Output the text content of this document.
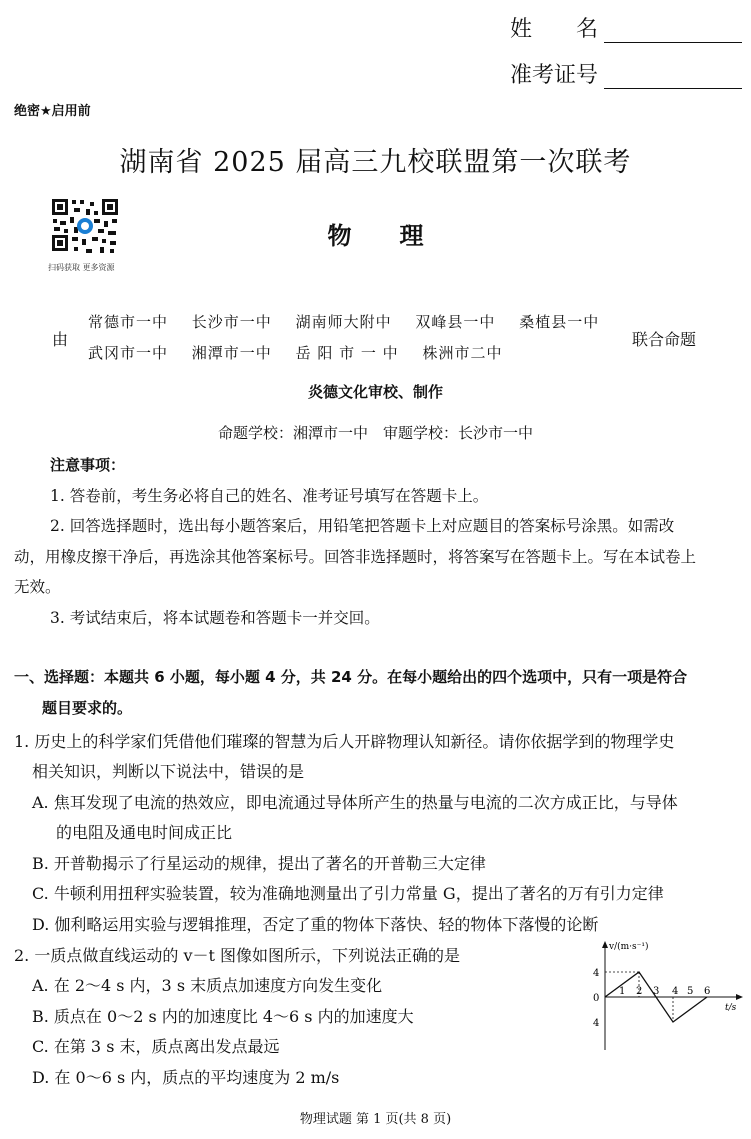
姓　　名
准考证号
绝密★启用前
湖南省 2025 届高三九校联盟第一次联考
扫码获取 更多资源
物　　理
由
常德市一中 长沙市一中 湖南师大附中 双峰县一中 桑植县一中
武冈市一中 湘潭市一中 岳 阳 市 一 中 株洲市二中
联合命题
炎德文化审校、制作
命题学校：湘潭市一中　审题学校：长沙市一中
注意事项：
1. 答卷前，考生务必将自己的姓名、准考证号填写在答题卡上。
2. 回答选择题时，选出每小题答案后，用铅笔把答题卡上对应题目的答案标号涂黑。如需改
动，用橡皮擦干净后，再选涂其他答案标号。回答非选择题时，将答案写在答题卡上。写在本试卷上
无效。
3. 考试结束后，将本试题卷和答题卡一并交回。
一、选择题：本题共 6 小题，每小题 4 分，共 24 分。在每小题给出的四个选项中，只有一项是符合
题目要求的。
1. 历史上的科学家们凭借他们璀璨的智慧为后人开辟物理认知新径。请你依据学到的物理学史
相关知识，判断以下说法中，错误的是
A. 焦耳发现了电流的热效应，即电流通过导体所产生的热量与电流的二次方成正比，与导体
的电阻及通电时间成正比
B. 开普勒揭示了行星运动的规律，提出了著名的开普勒三大定律
C. 牛顿利用扭秤实验装置，较为准确地测量出了引力常量 G，提出了著名的万有引力定律
D. 伽利略运用实验与逻辑推理，否定了重的物体下落快、轻的物体下落慢的论断
2. 一质点做直线运动的 v－t 图像如图所示，下列说法正确的是
A. 在 2～4 s 内，3 s 末质点加速度方向发生变化
B. 质点在 0～2 s 内的加速度比 4～6 s 内的加速度大
C. 在第 3 s 末，质点离出发点最远
D. 在 0～6 s 内，质点的平均速度为 2 m/s
v/(m·s⁻¹)
t/s
0
4
4
1 2 3 4 5 6
物理试题 第 1 页(共 8 页)
